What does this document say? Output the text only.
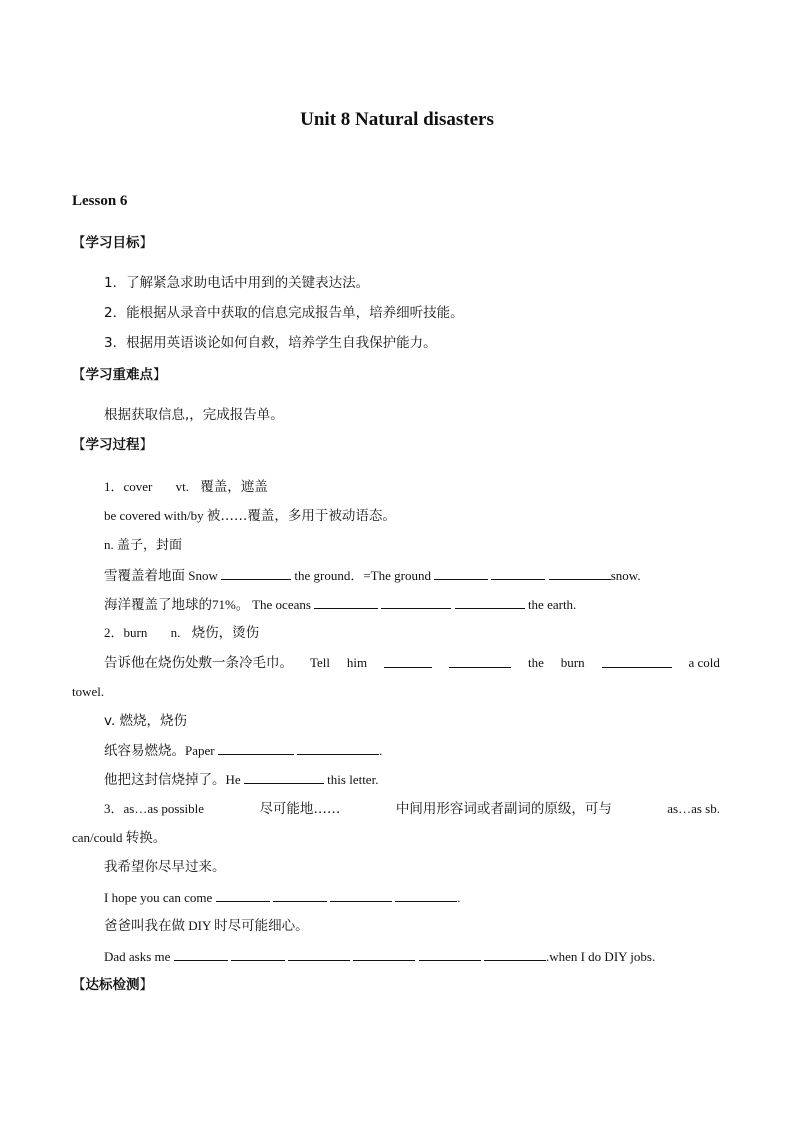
Unit 8 Natural disasters
Lesson 6
【学习目标】
1．了解紧急求助电话中用到的关键表达法。
2．能根据从录音中获取的信息完成报告单，培养细听技能。
3．根据用英语谈论如何自救，培养学生自我保护能力。
【学习重难点】
根据获取信息,，完成报告单。
【学习过程】
1．cover vt. 覆盖，遮盖
be covered with/by 被……覆盖，多用于被动语态。
n. 盖子，封面
雪覆盖着地面 Snow	the ground．=The ground	snow.
海洋覆盖了地球的71%。 The oceans	the earth.
2．burn n. 烧伤，烫伤
告诉他在烧伤处敷一条冷毛巾。 Tell him	the burn	a cold
towel.
v. 燃烧，烧伤
纸容易燃烧。Paper	.
他把这封信烧掉了。He	this letter.
3．as…as possible	尽可能地……	中间用形容词或者副词的原级，可与	as…as sb.
can/could 转换。
我希望你尽早过来。
I hope you can come	.
爸爸叫我在做 DIY 时尽可能细心。
Dad asks me	.when I do DIY jobs.
【达标检测】
